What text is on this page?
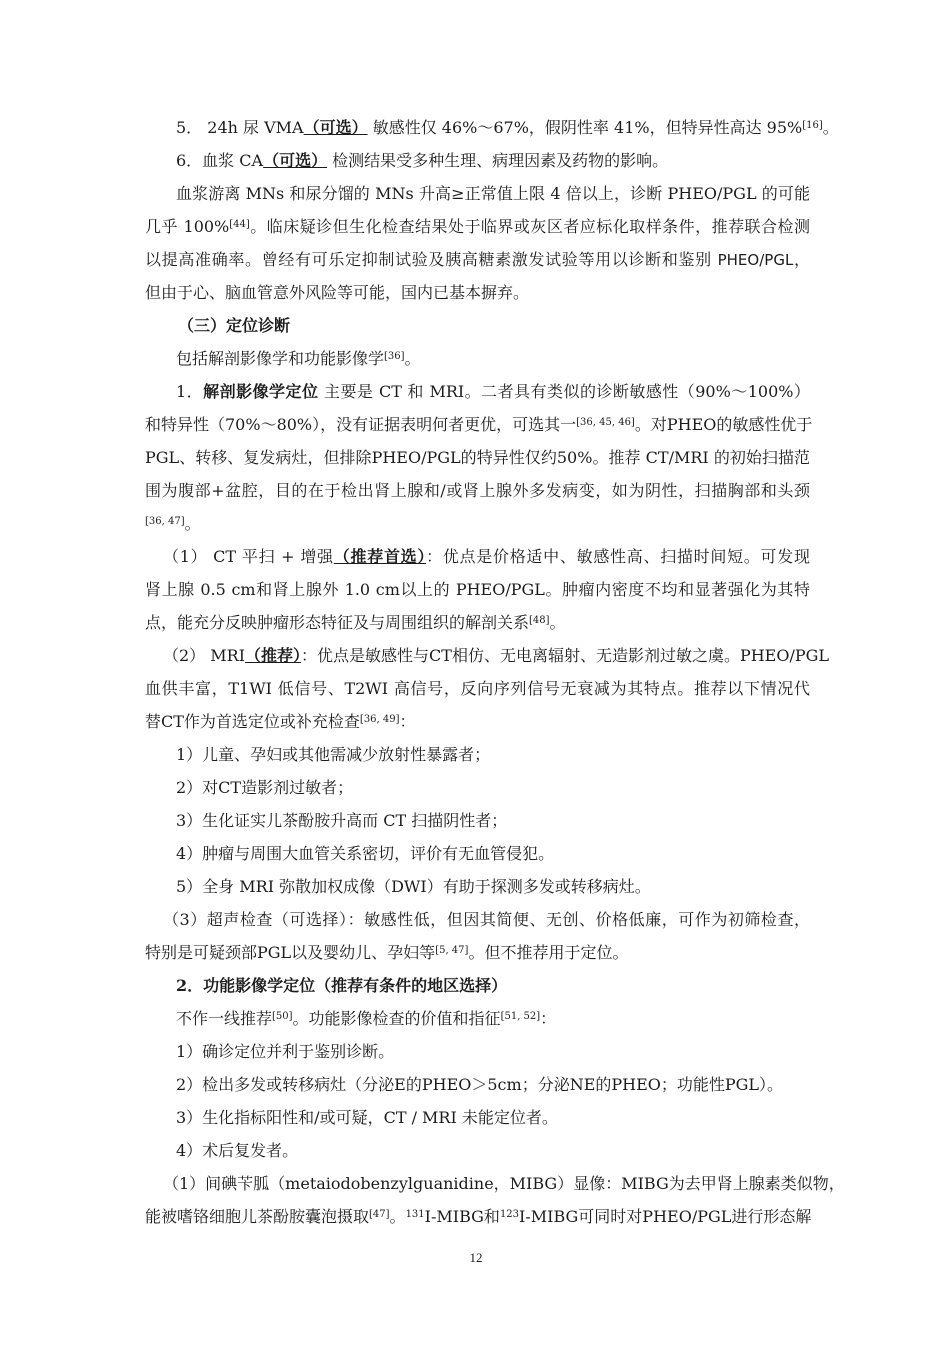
5． 24h 尿 VMA（可选） 敏感性仅 46%～67%，假阴性率 41%，但特异性高达 95%[16]。

6．血浆 CA（可选） 检测结果受多种生理、病理因素及药物的影响。

血浆游离 MNs 和尿分馏的 MNs 升高≥正常值上限 4 倍以上，诊断 PHEO/PGL 的可能

几乎 100%[44]。临床疑诊但生化检查结果处于临界或灰区者应标化取样条件，推荐联合检测

以提高准确率。曾经有可乐定抑制试验及胰高糖素激发试验等用以诊断和鉴别 PHEO/PGL，

但由于心、脑血管意外风险等可能，国内已基本摒弃。

（三）定位诊断

包括解剖影像学和功能影像学[36]。

1．解剖影像学定位 主要是 CT 和 MRI。二者具有类似的诊断敏感性（90%～100%）

和特异性（70%～80%），没有证据表明何者更优，可选其一[36, 45, 46]。对PHEO的敏感性优于

PGL、转移、复发病灶，但排除PHEO/PGL的特异性仅约50%。推荐 CT/MRI 的初始扫描范

围为腹部+盆腔，目的在于检出肾上腺和/或肾上腺外多发病变，如为阴性，扫描胸部和头颈

[36, 47]。

（1） CT 平扫 + 增强（推荐首选）：优点是价格适中、敏感性高、扫描时间短。可发现

肾上腺 0.5 cm和肾上腺外 1.0 cm以上的 PHEO/PGL。肿瘤内密度不均和显著强化为其特

点，能充分反映肿瘤形态特征及与周围组织的解剖关系[48]。

（2） MRI（推荐）：优点是敏感性与CT相仿、无电离辐射、无造影剂过敏之虞。PHEO/PGL

血供丰富，T1WI 低信号、T2WI 高信号，反向序列信号无衰减为其特点。推荐以下情况代

替CT作为首选定位或补充检查[36, 49]：

1）儿童、孕妇或其他需减少放射性暴露者；

2）对CT造影剂过敏者；

3）生化证实儿茶酚胺升高而 CT 扫描阴性者；

4）肿瘤与周围大血管关系密切，评价有无血管侵犯。

5）全身 MRI 弥散加权成像（DWI）有助于探测多发或转移病灶。

（3）超声检查（可选择）：敏感性低，但因其简便、无创、价格低廉，可作为初筛检查，

特别是可疑颈部PGL以及婴幼儿、孕妇等[5, 47]。但不推荐用于定位。

2．功能影像学定位（推荐有条件的地区选择）

不作一线推荐[50]。功能影像检查的价值和指征[51, 52]：

1）确诊定位并利于鉴别诊断。

2）检出多发或转移病灶（分泌E的PHEO＞5cm；分泌NE的PHEO；功能性PGL）。

3）生化指标阳性和/或可疑，CT / MRI 未能定位者。

4）术后复发者。

（1）间碘苄胍（metaiodobenzylguanidine，MIBG）显像：MIBG为去甲肾上腺素类似物，

能被嗜铬细胞儿茶酚胺囊泡摄取[47]。$^{131}$I-MIBG和$^{123}$I-MIBG可同时对PHEO/PGL进行形态解

12
